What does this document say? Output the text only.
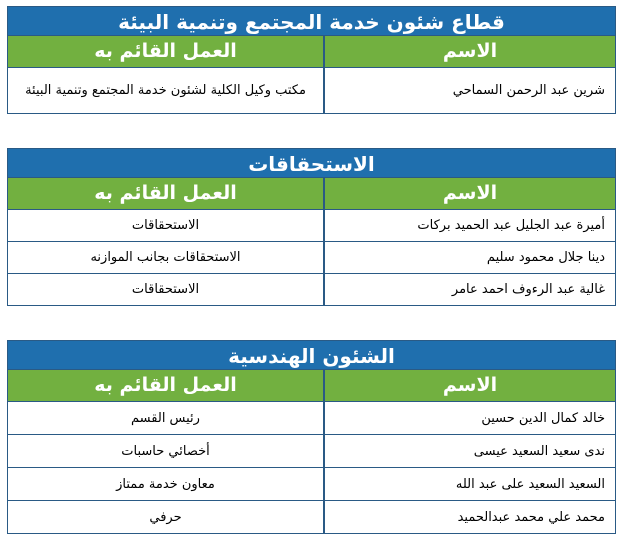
قطاع شئون خدمة المجتمع وتنمية البيئة
الاسم
العمل القائم به
شرين عبد الرحمن السماحي
مكتب وكيل الكلية لشئون خدمة المجتمع وتنمية البيئة
الاستحقاقات
الاسم
العمل القائم به
أميرة عبد الجليل عبد الحميد بركات
الاستحقاقات
دينا جلال محمود سليم
الاستحقاقات بجانب الموازنه
غالية عبد الرءوف احمد عامر
الاستحقاقات
الشئون الهندسية
الاسم
العمل القائم به
خالد كمال الدين حسين
رئيس القسم
ندى سعيد السعيد عيسى
أخصائي حاسبات
السعيد السعيد على عبد الله
معاون خدمة ممتاز
محمد علي محمد عبدالحميد
حرفي
